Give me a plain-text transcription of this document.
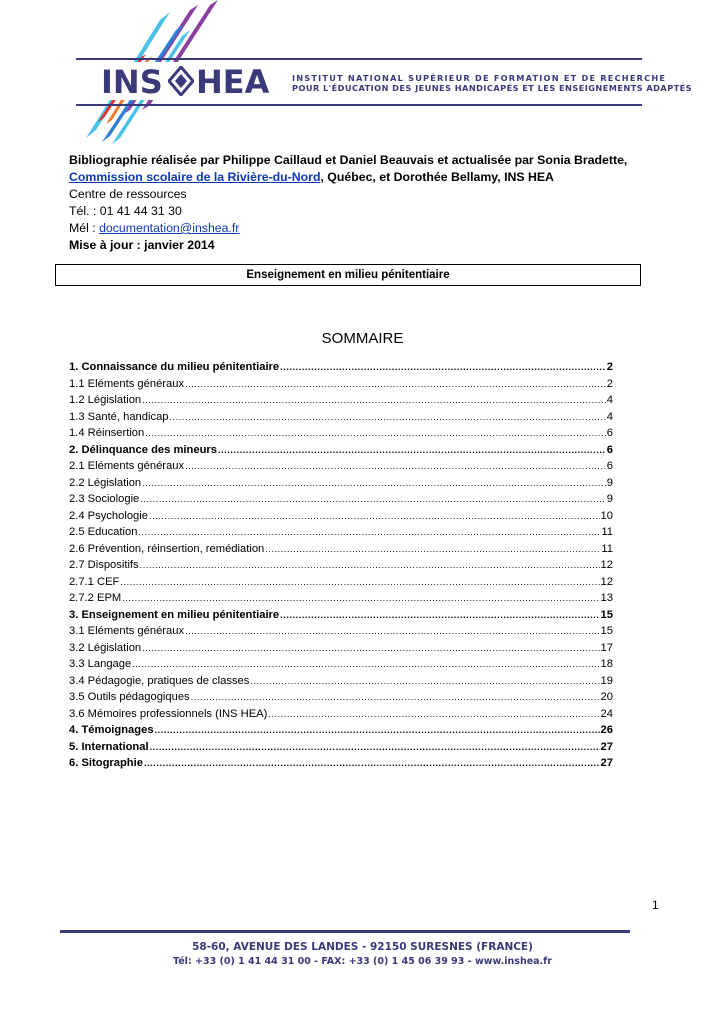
INS HEA	INSTITUT NATIONAL SUPÉRIEUR DE FORMATION ET DE RECHERCHE
POUR L'ÉDUCATION DES JEUNES HANDICAPÉS ET LES ENSEIGNEMENTS ADAPTÉS
Bibliographie réalisée par Philippe Caillaud et Daniel Beauvais et actualisée par Sonia Bradette,
Commission scolaire de la Rivière-du-Nord, Québec, et Dorothée Bellamy, INS HEA
Centre de ressources
Tél. : 01 41 44 31 30
Mél : documentation@inshea.fr
Mise à jour : janvier 2014
Enseignement en milieu pénitentiaire
SOMMAIRE
1. Connaissance du milieu pénitentiaire .....	2
1.1 Eléments généraux .....	2
1.2 Législation .....	4
1.3 Santé, handicap .....	4
1.4 Réinsertion .....	6
2. Délinquance des mineurs .....	6
2.1 Eléments généraux .....	6
2.2 Législation .....	9
2.3 Sociologie .....	9
2.4 Psychologie .....	10
2.5 Education .....	11
2.6 Prévention, réinsertion, remédiation .....	11
2.7 Dispositifs .....	12
2.7.1 CEF .....	12
2.7.2 EPM .....	13
3. Enseignement en milieu pénitentiaire .....	15
3.1 Eléments généraux .....	15
3.2 Législation .....	17
3.3 Langage .....	18
3.4 Pédagogie, pratiques de classes .....	19
3.5 Outils pédagogiques .....	20
3.6 Mémoires professionnels (INS HEA) .....	24
4. Témoignages .....	26
5. International .....	27
6. Sitographie .....	27
1
58-60, AVENUE DES LANDES - 92150 SURESNES (FRANCE)
Tél: +33 (0) 1 41 44 31 00 - FAX: +33 (0) 1 45 06 39 93 - www.inshea.fr
